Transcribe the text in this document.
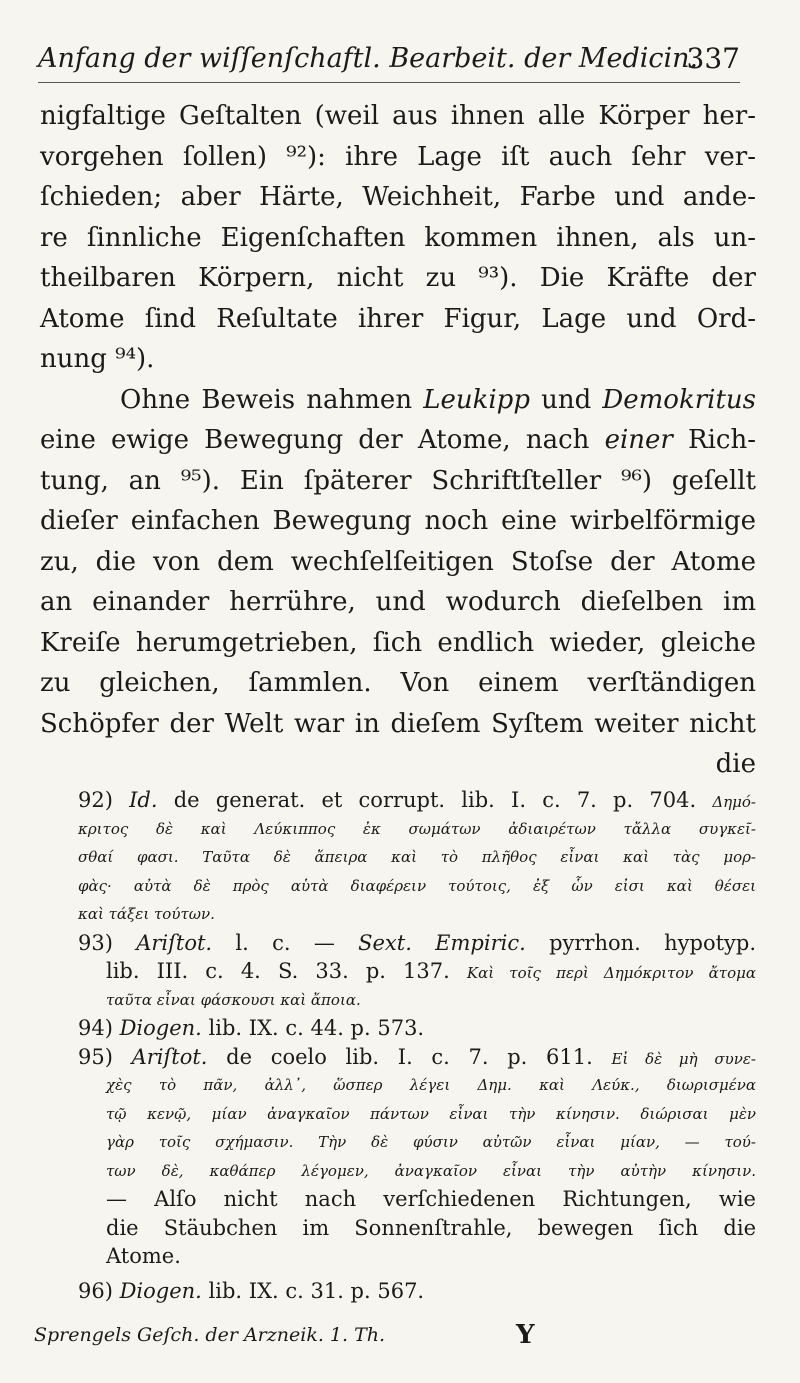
Anfang der wiſſenſchaftl. Bearbeit. der Medicin.
337
nigfaltige Geſtalten (weil aus ihnen alle Körper her-
vorgehen ſollen) ⁹²): ihre Lage iſt auch ſehr ver-
ſchieden; aber Härte, Weichheit, Farbe und ande-
re ſinnliche Eigenſchaften kommen ihnen, als un-
theilbaren Körpern, nicht zu ⁹³). Die Kräfte der
Atome ſind Reſultate ihrer Figur, Lage und Ord-
nung ⁹⁴).
Ohne Beweis nahmen Leukipp und Demokritus
eine ewige Bewegung der Atome, nach einer Rich-
tung, an ⁹⁵). Ein ſpäterer Schriftſteller ⁹⁶) geſellt
dieſer einfachen Bewegung noch eine wirbelförmige
zu, die von dem wechſelſeitigen Stoſse der Atome
an einander herrühre, und wodurch dieſelben im
Kreiſe herumgetrieben, ſich endlich wieder, gleiche
zu gleichen, ſammlen. Von einem verſtändigen
Schöpfer der Welt war in dieſem Syſtem weiter nicht
die
92) Id. de generat. et corrupt. lib. I. c. 7. p. 704. Δημό-
κριτος δὲ καὶ Λεύκιππος ἐκ σωμάτων ἀδιαιρέτων τἄλλα συγκεῖ-
σθαί φασι. Ταῦτα δὲ ἄπειρα καὶ τὸ πλῆθος εἶναι καὶ τὰς μορ-
φὰς· αὐτὰ δὲ πρὸς αὑτὰ διαφέρειν τούτοις, ἐξ ὧν εἰσι καὶ θέσει
καὶ τάξει τούτων.
93) Ariſtot. l. c. — Sext. Empiric. pyrrhon. hypotyp.
lib. III. c. 4. S. 33. p. 137. Καὶ τοῖς περὶ Δημόκριτον ἄτομα
ταῦτα εἶναι φάσκουσι καὶ ἄποια.
94) Diogen. lib. IX. c. 44. p. 573.
95) Ariſtot. de coelo lib. I. c. 7. p. 611. Εἰ δὲ μὴ συνε-
χὲς τὸ πᾶν, ἀλλ᾽, ὥσπερ λέγει Δημ. καὶ Λεύκ., διωρισμένα
τῷ κενῷ, μίαν ἀναγκαῖον πάντων εἶναι τὴν κίνησιν. διώρισαι μὲν
γὰρ τοῖς σχήμασιν. Τὴν δὲ φύσιν αὐτῶν εἶναι μίαν, — τού-
των δὲ, καθάπερ λέγομεν, ἀναγκαῖον εἶναι τὴν αὐτὴν κίνησιν.
— Alſo nicht nach verſchiedenen Richtungen, wie
die Stäubchen im Sonnenſtrahle, bewegen ſich die
Atome.
96) Diogen. lib. IX. c. 31. p. 567.
Sprengels Geſch. der Arzneik. 1. Th.	Y
